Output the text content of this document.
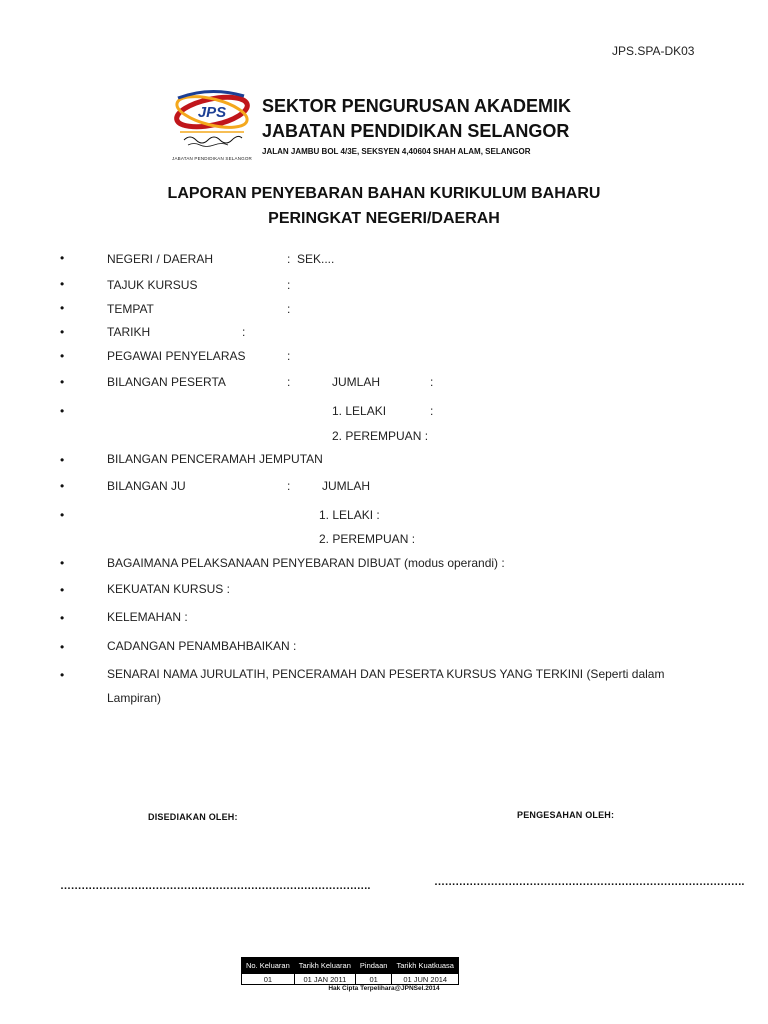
JPS.SPA-DK03
JPS
JABATAN PENDIDIKAN SELANGOR
SEKTOR PENGURUSAN AKADEMIK
JABATAN PENDIDIKAN SELANGOR
JALAN JAMBU BOL 4/3E, SEKSYEN 4,40604 SHAH ALAM, SELANGOR
LAPORAN PENYEBARAN BAHAN KURIKULUM BAHARU
PERINGKAT NEGERI/DAERAH
•
•
•
•
•
•
•
•
•
•
•
•
•
•
•
NEGERI / DAERAH	: SEK....
TAJUK KURSUS	:
TEMPAT	:
TARIKH	:
PEGAWAI PENYELARAS	:
BILANGAN PESERTA	:	JUMLAH	:
1. LELAKI	:
2. PEREMPUAN :
BILANGAN PENCERAMAH JEMPUTAN
BILANGAN JU	:	JUMLAH
1. LELAKI :
2. PEREMPUAN :
BAGAIMANA PELAKSANAAN PENYEBARAN DIBUAT (modus operandi) :
KEKUATAN KURSUS :
KELEMAHAN :
CADANGAN PENAMBAHBAIKAN :
SENARAI NAMA JURULATIH, PENCERAMAH DAN PESERTA KURSUS YANG TERKINI (Seperti dalam
Lampiran)
DISEDIAKAN OLEH:	PENGESAHAN OLEH:
…………………………………………………………………………….	…………………………………………………………………………….
No. Keluaran	Tarikh Keluaran	Pindaan	Tarikh Kuatkuasa
01	01 JAN 2011	01	01 JUN 2014
Hak Cipta Terpelihara@JPNSel.2014
